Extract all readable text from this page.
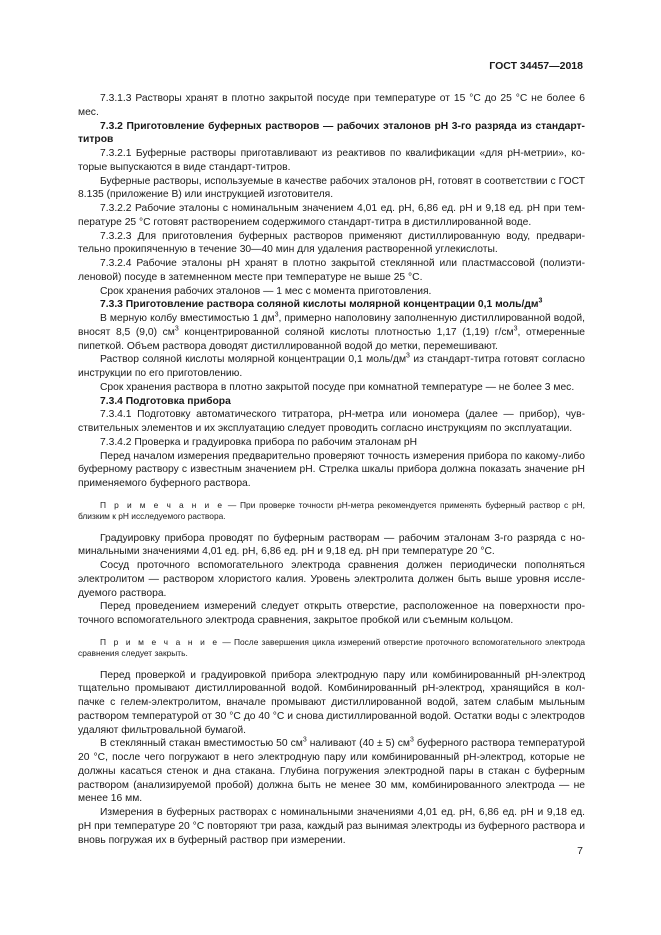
ГОСТ 34457—2018

7.3.1.3 Растворы хранят в плотно закрытой посуде при температуре от 15 °С до 25 °С не более 6 мес.

7.3.2 Приготовление буферных растворов — рабочих эталонов рН 3-го разряда из стандарт-титров

7.3.2.1 Буферные растворы приготавливают из реактивов по квалификации «для рН-метрии», которые выпускаются в виде стандарт-титров.

Буферные растворы, используемые в качестве рабочих эталонов рН, готовят в соответствии с ГОСТ 8.135 (приложение В) или инструкцией изготовителя.

7.3.2.2 Рабочие эталоны с номинальным значением 4,01 ед. рН, 6,86 ед. рН и 9,18 ед. рН при температуре 25 °С готовят растворением содержимого стандарт-титра в дистиллированной воде.

7.3.2.3 Для приготовления буферных растворов применяют дистиллированную воду, предварительно прокипяченную в течение 30—40 мин для удаления растворенной углекислоты.

7.3.2.4 Рабочие эталоны рН хранят в плотно закрытой стеклянной или пластмассовой (полиэтиленовой) посуде в затемненном месте при температуре не выше 25 °С.

Срок хранения рабочих эталонов — 1 мес с момента приготовления.

7.3.3 Приготовление раствора соляной кислоты молярной концентрации 0,1 моль/$дм^3$

В мерную колбу вместимостью 1 $дм^3$, примерно наполовину заполненную дистиллированной водой, вносят 8,5 (9,0) $см^3$ концентрированной соляной кислоты плотностью 1,17 (1,19) $г/см^3$, отмеренные пипеткой. Объем раствора доводят дистиллированной водой до метки, перемешивают.

Раствор соляной кислоты молярной концентрации 0,1 моль/$дм^3$ из стандарт-титра готовят согласно инструкции по его приготовлению.

Срок хранения раствора в плотно закрытой посуде при комнатной температуре — не более 3 мес.

7.3.4 Подготовка прибора

7.3.4.1 Подготовку автоматического титратора, рН-метра или иономера (далее — прибор), чувствительных элементов и их эксплуатацию следует проводить согласно инструкциям по эксплуатации.

7.3.4.2 Проверка и градуировка прибора по рабочим эталонам рН

Перед началом измерения предварительно проверяют точность измерения прибора по какому-либо буферному раствору с известным значением рН. Стрелка шкалы прибора должна показать значение рН применяемого буферного раствора.

П р и м е ч а н и е — При проверке точности рН-метра рекомендуется применять буферный раствор с рН, близким к рН исследуемого раствора.

Градуировку прибора проводят по буферным растворам — рабочим эталонам 3-го разряда с номинальными значениями 4,01 ед. рН, 6,86 ед. рН и 9,18 ед. рН при температуре 20 °С.

Сосуд проточного вспомогательного электрода сравнения должен периодически пополняться электролитом — раствором хлористого калия. Уровень электролита должен быть выше уровня исследуемого раствора.

Перед проведением измерений следует открыть отверстие, расположенное на поверхности проточного вспомогательного электрода сравнения, закрытое пробкой или съемным кольцом.

П р и м е ч а н и е — После завершения цикла измерений отверстие проточного вспомогательного электрода сравнения следует закрыть.

Перед проверкой и градуировкой прибора электродную пару или комбинированный рН-электрод тщательно промывают дистиллированной водой. Комбинированный рН-электрод, хранящийся в колпачке с гелем-электролитом, вначале промывают дистиллированной водой, затем слабым мыльным раствором температурой от 30 °С до 40 °С и снова дистиллированной водой. Остатки воды с электродов удаляют фильтровальной бумагой.

В стеклянный стакан вместимостью 50 $см^3$ наливают (40 ± 5) $см^3$ буферного раствора температурой 20 °С, после чего погружают в него электродную пару или комбинированный рН-электрод, которые не должны касаться стенок и дна стакана. Глубина погружения электродной пары в стакан с буферным раствором (анализируемой пробой) должна быть не менее 30 мм, комбинированного электрода — не менее 16 мм.

Измерения в буферных растворах с номинальными значениями 4,01 ед. рН, 6,86 ед. рН и 9,18 ед. рН при температуре 20 °С повторяют три раза, каждый раз вынимая электроды из буферного раствора и вновь погружая их в буферный раствор при измерении.

7
